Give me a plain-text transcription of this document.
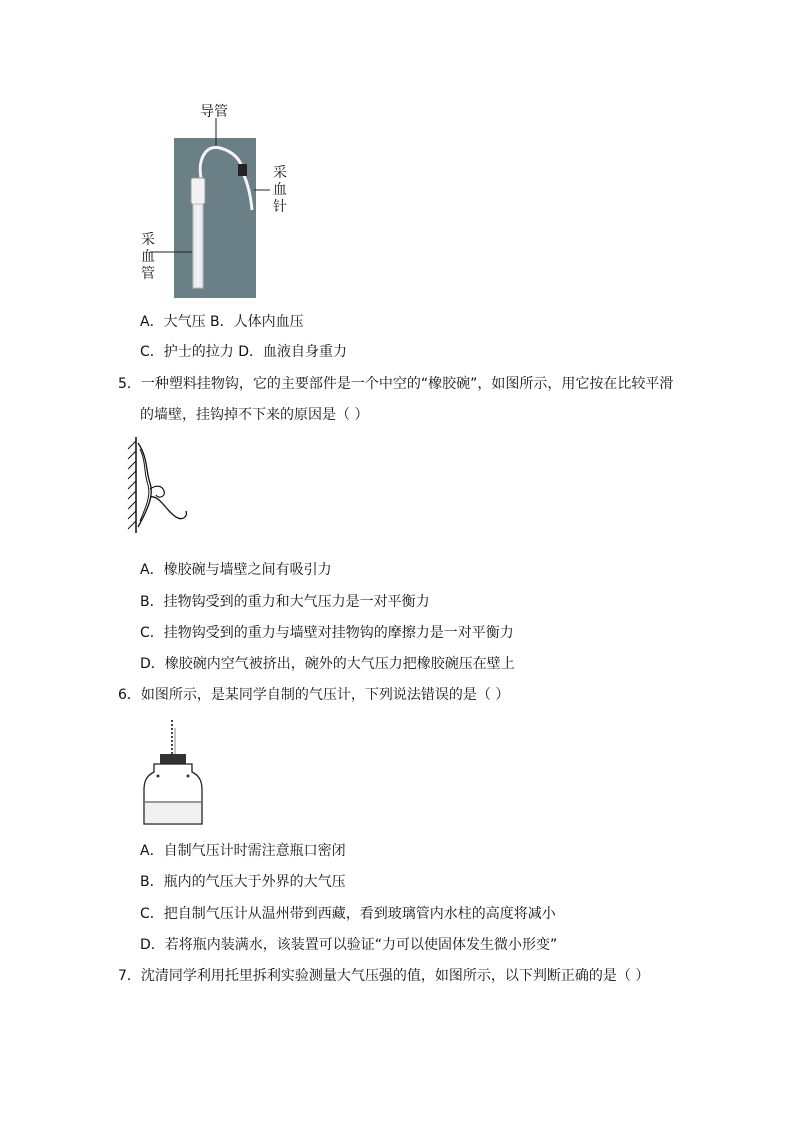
导管
采血针
采血管
A．大气压 B．人体内血压
C．护士的拉力 D．血液自身重力
5．一种塑料挂物钩，它的主要部件是一个中空的“橡胶碗”，如图所示，用它按在比较平滑
的墙壁，挂钩掉不下来的原因是（ ）
A．橡胶碗与墙壁之间有吸引力
B．挂物钩受到的重力和大气压力是一对平衡力
C．挂物钩受到的重力与墙壁对挂物钩的摩擦力是一对平衡力
D．橡胶碗内空气被挤出，碗外的大气压力把橡胶碗压在壁上
6．如图所示，是某同学自制的气压计，下列说法错误的是（ ）
A．自制气压计时需注意瓶口密闭
B．瓶内的气压大于外界的大气压
C．把自制气压计从温州带到西藏，看到玻璃管内水柱的高度将减小
D．若将瓶内装满水，该装置可以验证“力可以使固体发生微小形变”
7．沈清同学利用托里拆利实验测量大气压强的值，如图所示，以下判断正确的是（ ）
